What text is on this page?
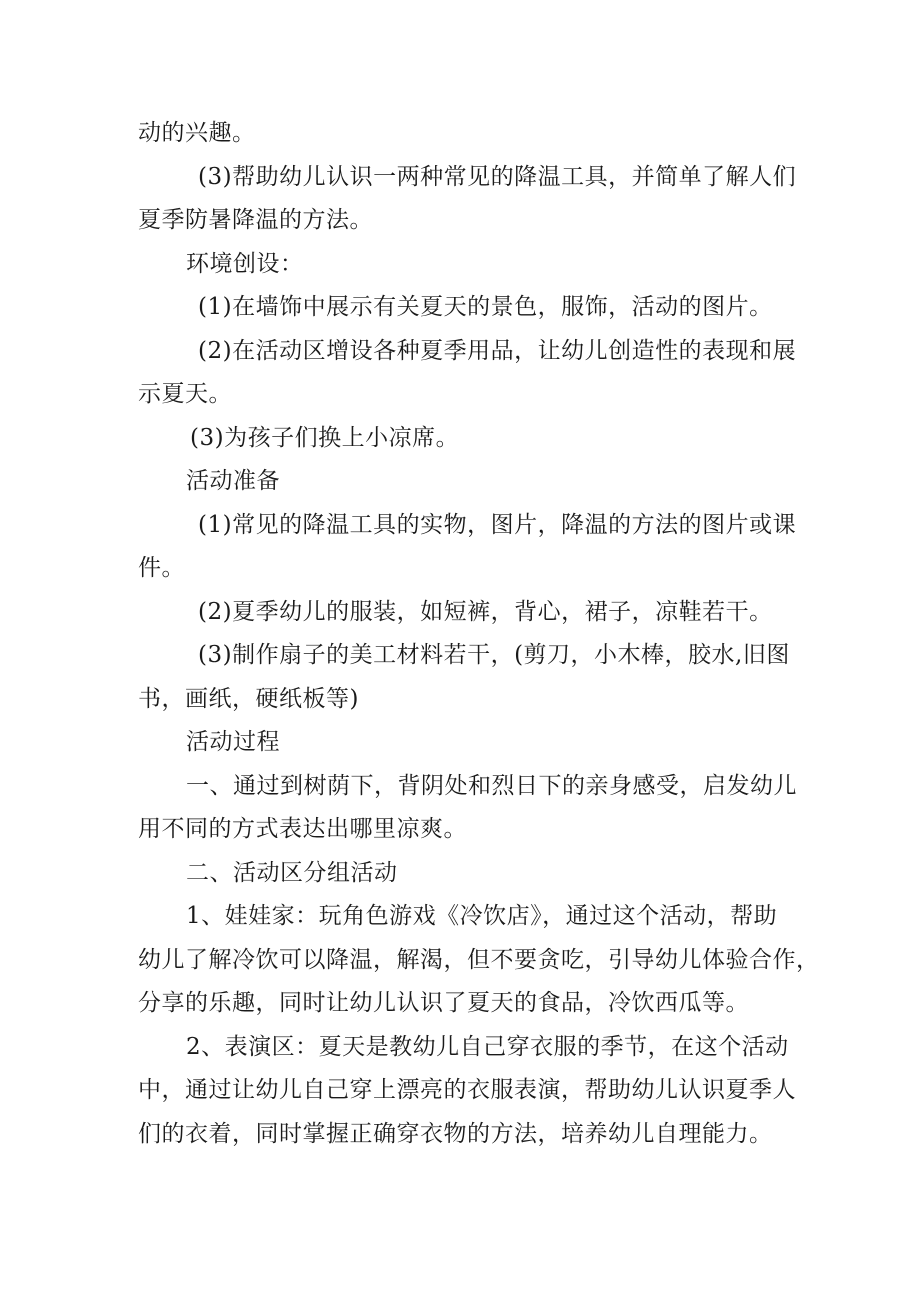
动的兴趣。
(3)帮助幼儿认识一两种常见的降温工具，并简单了解人们
夏季防暑降温的方法。
环境创设：
(1)在墙饰中展示有关夏天的景色，服饰，活动的图片。
(2)在活动区增设各种夏季用品，让幼儿创造性的表现和展
示夏天。
(3)为孩子们换上小凉席。
活动准备
(1)常见的降温工具的实物，图片，降温的方法的图片或课
件。
(2)夏季幼儿的服装，如短裤，背心，裙子，凉鞋若干。
(3)制作扇子的美工材料若干，(剪刀，小木棒，胶水,旧图
书，画纸，硬纸板等)
活动过程
一、通过到树荫下，背阴处和烈日下的亲身感受，启发幼儿
用不同的方式表达出哪里凉爽。
二、活动区分组活动
1、娃娃家：玩角色游戏《冷饮店》，通过这个活动，帮助
幼儿了解冷饮可以降温，解渴，但不要贪吃，引导幼儿体验合作，
分享的乐趣，同时让幼儿认识了夏天的食品，冷饮西瓜等。
2、表演区：夏天是教幼儿自己穿衣服的季节，在这个活动
中，通过让幼儿自己穿上漂亮的衣服表演，帮助幼儿认识夏季人
们的衣着，同时掌握正确穿衣物的方法，培养幼儿自理能力。
